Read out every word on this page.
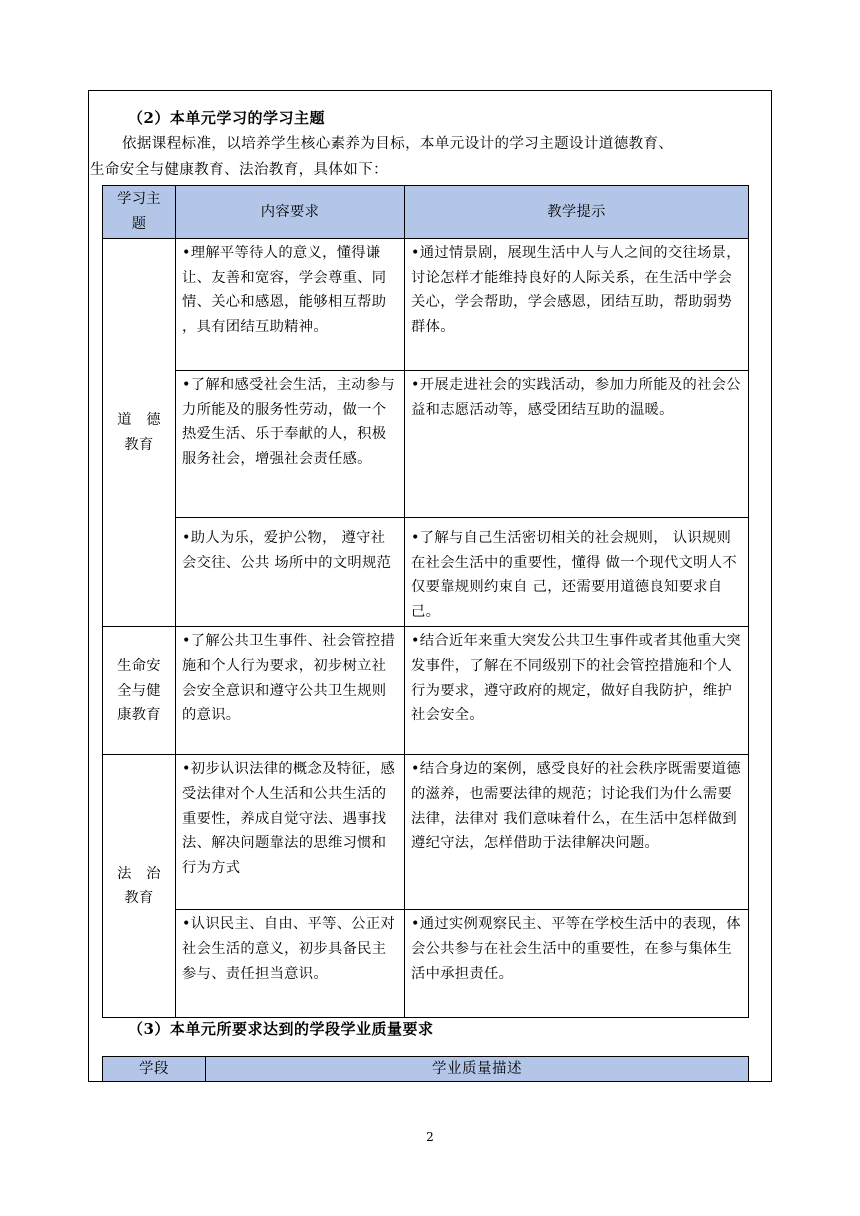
（2）本单元学习的学习主题
依据课程标准，以培养学生核心素养为目标，本单元设计的学习主题设计道德教育、
生命安全与健康教育、法治教育，具体如下：
学习主题	内容要求	教学提示
道　德教育	•理解平等待人的意义，懂得谦让、友善和宽容，学会尊重、同情、关心和感恩，能够相互帮助 ，具有团结互助精神。	•通过情景剧，展现生活中人与人之间的交往场景，讨论怎样才能维持良好的人际关系，在生活中学会关心，学会帮助，学会感恩，团结互助，帮助弱势群体。
	•了解和感受社会生活，主动参与力所能及的服务性劳动，做一个热爱生活、乐于奉献的人，积极服务社会，增强社会责任感。	•开展走进社会的实践活动，参加力所能及的社会公益和志愿活动等，感受团结互助的温暖。
	•助人为乐，爱护公物， 遵守社会交往、公共 场所中的文明规范	•了解与自己生活密切相关的社会规则， 认识规则在社会生活中的重要性，懂得 做一个现代文明人不仅要靠规则约束自 己，还需要用道德良知要求自己。
生命安全与健康教育	•了解公共卫生事件、社会管控措施和个人行为要求，初步树立社会安全意识和遵守公共卫生规则的意识。	•结合近年来重大突发公共卫生事件或者其他重大突发事件，了解在不同级别下的社会管控措施和个人行为要求，遵守政府的规定，做好自我防护，维护社会安全。
法　治教育	•初步认识法律的概念及特征，感受法律对个人生活和公共生活的重要性，养成自觉守法、遇事找法、解决问题靠法的思维习惯和行为方式	•结合身边的案例，感受良好的社会秩序既需要道德的滋养，也需要法律的规范；讨论我们为什么需要法律，法律对 我们意味着什么，在生活中怎样做到遵纪守法，怎样借助于法律解决问题。
	•认识民主、自由、平等、公正对社会生活的意义，初步具备民主参与、责任担当意识。	•通过实例观察民主、平等在学校生活中的表现，体会公共参与在社会生活中的重要性，在参与集体生活中承担责任。
（3）本单元所要求达到的学段学业质量要求
学段	学业质量描述
2
